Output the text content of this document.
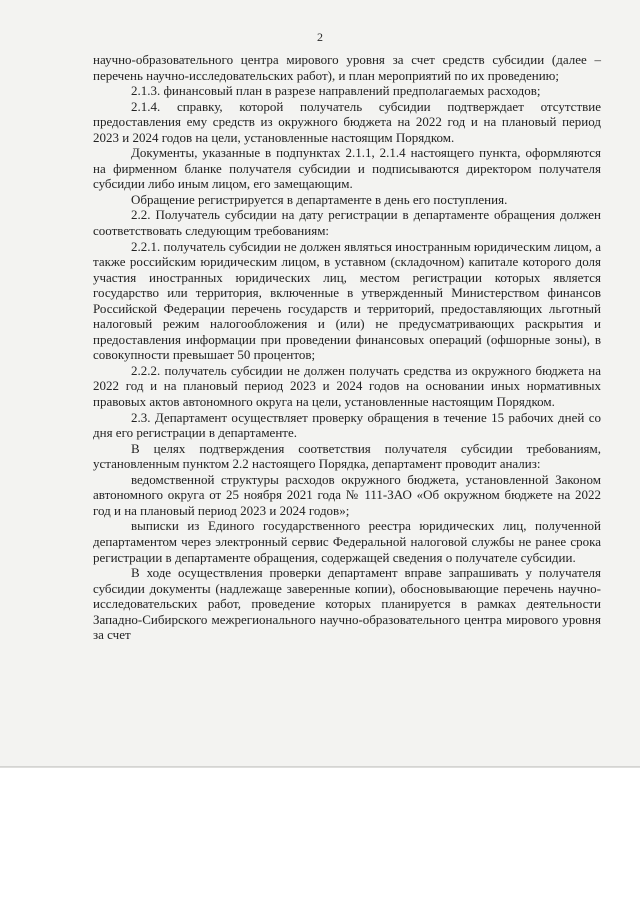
2

научно-образовательного центра мирового уровня за счет средств субсидии (далее – перечень научно-исследовательских работ), и план мероприятий по их проведению;

2.1.3. финансовый план в разрезе направлений предполагаемых расходов;

2.1.4. справку, которой получатель субсидии подтверждает отсутствие предоставления ему средств из окружного бюджета на 2022 год и на плановый период 2023 и 2024 годов на цели, установленные настоящим Порядком.

Документы, указанные в подпунктах 2.1.1, 2.1.4 настоящего пункта, оформляются на фирменном бланке получателя субсидии и подписываются директором получателя субсидии либо иным лицом, его замещающим.

Обращение регистрируется в департаменте в день его поступления.

2.2. Получатель субсидии на дату регистрации в департаменте обращения должен соответствовать следующим требованиям:

2.2.1. получатель субсидии не должен являться иностранным юридическим лицом, а также российским юридическим лицом, в уставном (складочном) капитале которого доля участия иностранных юридических лиц, местом регистрации которых является государство или территория, включенные в утвержденный Министерством финансов Российской Федерации перечень государств и территорий, предоставляющих льготный налоговый режим налогообложения и (или) не предусматривающих раскрытия и предоставления информации при проведении финансовых операций (офшорные зоны), в совокупности превышает 50 процентов;

2.2.2. получатель субсидии не должен получать средства из окружного бюджета на 2022 год и на плановый период 2023 и 2024 годов на основании иных нормативных правовых актов автономного округа на цели, установленные настоящим Порядком.

2.3. Департамент осуществляет проверку обращения в течение 15 рабочих дней со дня его регистрации в департаменте.

В целях подтверждения соответствия получателя субсидии требованиям, установленным пунктом 2.2 настоящего Порядка, департамент проводит анализ:

ведомственной структуры расходов окружного бюджета, установленной Законом автономного округа от 25 ноября 2021 года № 111-ЗАО «Об окружном бюджете на 2022 год и на плановый период 2023 и 2024 годов»;

выписки из Единого государственного реестра юридических лиц, полученной департаментом через электронный сервис Федеральной налоговой службы не ранее срока регистрации в департаменте обращения, содержащей сведения о получателе субсидии.

В ходе осуществления проверки департамент вправе запрашивать у получателя субсидии документы (надлежаще заверенные копии), обосновывающие перечень научно-исследовательских работ, проведение которых планируется в рамках деятельности Западно-Сибирского межрегионального научно-образовательного центра мирового уровня за счет
